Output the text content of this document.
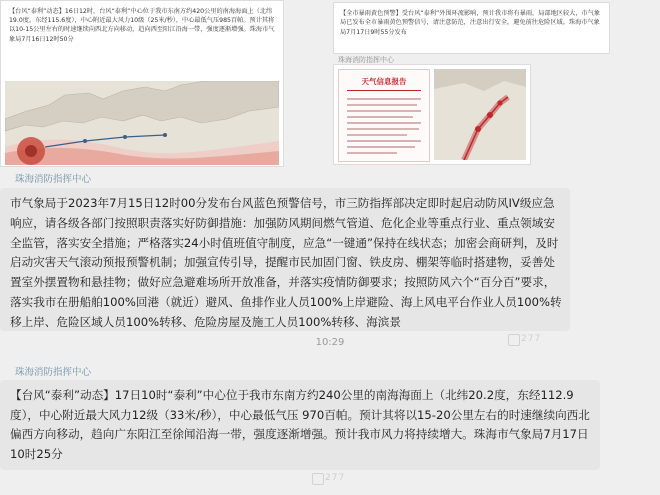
【台风“泰利”动态】16日12时，台风“泰利”中心位于我市东南方约420公里的南海海面上（北纬19.0度，东经115.6度），中心附近最大风力10级（25米/秒），中心最低气压985百帕。预计其将以10-15公里左右的时速继续向西北方向移动，趋向西至阳江沿海一带，强度逐渐增强。珠海市气象局7月16日12时50分
【全市暴雨黄色预警】受台风“泰利”外围环流影响，预计我市将有暴雨，局部地区较大，市气象局已发布全市暴雨黄色预警信号，请注意防范，注意出行安全，避免前往危险区域。珠海市气象局7月17日9时55分发布
珠海消防指挥中心
天气信息报告
珠海消防指挥中心
市气象局于2023年7月15日12时00分发布台风蓝色预警信号，市三防指挥部决定即时起启动防风IV级应急响应，请各级各部门按照职责落实好防御措施：加强防风期间燃气管道、危化企业等重点行业、重点领域安全监管，落实安全措施；严格落实24小时值班值守制度，应急“一键通”保持在线状态；加密会商研判，及时启动灾害天气滚动预报预警机制；加强宣传引导，提醒市民加固门窗、铁皮房、棚架等临时搭建物，妥善处置室外摆置物和悬挂物；做好应急避难场所开放准备，并落实疫情防御要求；按照防风六个“百分百”要求，落实我市在册船舶100%回港（就近）避风、鱼排作业人员100%上岸避险、海上风电平台作业人员100%转移上岸、危险区域人员100%转移、危险房屋及施工人员100%转移、海滨景
10:29
珠海消防指挥中心
【台风“泰利”动态】17日10时“泰利”中心位于我市东南方约240公里的南海海面上（北纬20.2度，东经112.9度），中心附近最大风力12级（33米/秒），中心最低气压 970百帕。预计其将以15-20公里左右的时速继续向西北偏西方向移动，趋向广东阳江至徐闻沿海一带，强度逐渐增强。预计我市风力将持续增大。珠海市气象局7月17日10时25分
277
277
